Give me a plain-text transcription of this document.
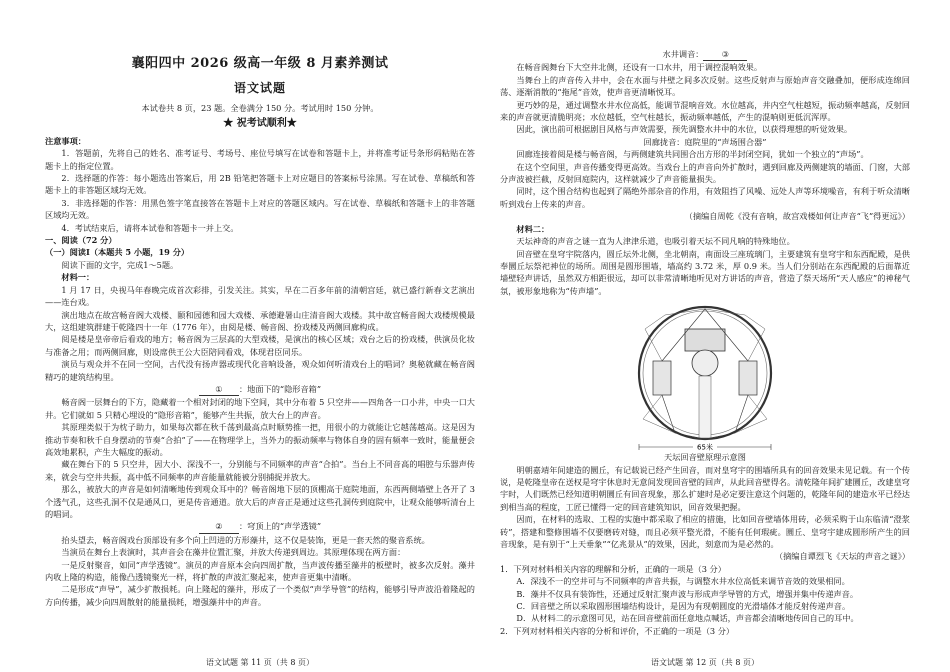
襄阳四中 2026 级高一年级 8 月素养测试
语文试题

本试卷共 8 页，23 题。全卷满分 150 分。考试用时 150 分钟。

★ 祝考试顺利★

注意事项：

1．答题前，先将自己的姓名、准考证号、考场号、座位号填写在试卷和答题卡上，并将准考证号条形码粘贴在答题卡上的指定位置。

2．选择题的作答：每小题选出答案后，用 2B 铅笔把答题卡上对应题目的答案标号涂黑。写在试卷、草稿纸和答题卡上的非答题区域均无效。

3．非选择题的作答：用黑色签字笔直接答在答题卡上对应的答题区域内。写在试卷、草稿纸和答题卡上的非答题区域均无效。

4．考试结束后，请将本试卷和答题卡一并上交。

一、阅读（72 分）

（一）阅读Ⅰ（本题共 5 小题，19 分）

阅读下面的文字，完成1～5题。

材料一：

1 月 17 日，央视马年春晚完成首次彩排，引发关注。其实，早在二百多年前的清朝宫廷，就已盛行新春文艺演出——连台戏。

演出地点在故宫畅音阁大戏楼、颐和园德和园大戏楼、承德避暑山庄清音阁大戏楼。其中故宫畅音阁大戏楼规模最大，这组建筑群建于乾隆四十一年（1776 年），由阅是楼、畅音阁、扮戏楼及两侧回廊构成。

阅是楼是皇帝帝后看戏的地方；畅音阁为三层高的大型戏楼，是演出的核心区域；戏台之后的扮戏楼，供演员化妆与准备之用；而两侧回廊，则设席供王公大臣陪同看戏，体现君臣同乐。

演员与观众并不在同一空间，古代没有扬声器或现代化音响设备，观众如何听清戏台上的唱词？奥秘就藏在畅音阁精巧的建筑结构里。

① ：地面下的“隐形音箱”

畅音阁一层舞台的下方，隐藏着一个相对封闭的地下空间，其中分布着 5 只空井——四角各一口小井，中央一口大井。它们就如 5 只精心埋设的“隐形音箱”，能够产生共振，放大台上的声音。

其原理类似于为枕子助力，如果每次都在秋千荡到最高点时顺势推一把，用很小的力就能让它越荡越高。这是因为推动节奏和秋千自身摆动的节奏“合拍”了——在物理学上，当外力的振动频率与物体自身的固有频率一致时，能量便会高效地累积，产生大幅度的振动。

藏在舞台下的 5 只空井，因大小、深浅不一，分别能与不同频率的声音“合拍”。当台上不同音高的唱腔与乐器声传来，就会与空井共振，高中低不同频率的声音能量就能被分别捕捉并放大。

那么，被放大的声音是如何清晰地传到观众耳中的？畅音阁地下层的顶棚高于庭院地面，东西两侧墙壁上各开了 3 个透气孔，这些孔洞不仅是通风口，更是传音通道。放大后的声音正是通过这些孔洞传到庭院中，让观众能够听清台上的唱词。

② ：穹顶上的“声学透镜”

抬头望去，畅音阁戏台顶部设有多个向上凹进的方形藻井，这不仅是装饰，更是一套天然的聚音系统。

当演员在舞台上表演时，其声音会在藻井位置汇聚，并放大传递到周边。其原理体现在两方面：

一是反射聚音，如同“声学透镜”。演员的声音原本会向四周扩散，当声波传播至藻井的板壁时，被多次反射。藻井内收上隆的构造，能像凸透镜聚光一样，将扩散的声波汇聚起来，使声音更集中清晰。

二是形成“声导”，减少扩散损耗。向上隆起的藻井，形成了一个类似“声学导管”的结构，能够引导声波沿着隆起的方向传播，减少向四周散射的能量损耗，增强藻井中的声音。

语文试题 第 11 页（共 8 页）

水井调音： ③

在畅音阁舞台下大空井北侧，还设有一口水井，用于调控混响效果。

当舞台上的声音传入井中，会在水面与井壁之间多次反射。这些反射声与原始声音交融叠加，便形成连绵回荡、逐渐消散的“拖尾”音效，使声音更清晰悦耳。

更巧妙的是，通过调整水井水位高低，能调节混响音效。水位越高，井内空气柱越短，振动频率越高，反射回来的声音就更清脆明亮；水位越低，空气柱越长，振动频率越低，产生的混响则更低沉浑厚。

因此，演出前可根据剧目风格与声效需要，预先调整水井中的水位，以获得理想的听觉效果。

回廊拢音：庭院里的“声场围合器”

回廊连接着阅是楼与畅音阁，与两侧建筑共同围合出方形的半封闭空间，犹如一个独立的“声场”。

在这个空间里，声音传播变得更高效。当戏台上的声音向外扩散时，遇到回廊及两侧建筑的墙面、门窗，大部分声波被拦截，反射回庭院内，这样就减少了声音能量损失。

同时，这个围合结构也起到了隔绝外部杂音的作用，有效阻挡了风噪、远处人声等环境噪音，有利于听众清晰听到戏台上传来的声音。

（摘编自周乾《没有音响，故宫戏楼如何让声音“飞”得更远》）

材料二：

天坛神奇的声音之谜一直为人津津乐道，也吸引着天坛不同凡响的特殊地位。

回音壁在皇穹宇院落内，圆丘坛外北侧，坐北朝南，南面设三座琉璃门，主要建筑有皇穹宇和东西配殿，是供奉圜丘坛祭祀神位的场所。周围是圆形围墙，墙高约 3.72 米，厚 0.9 米。当人们分别站在东西配殿的后面靠近墙壁轻声讲话，虽然双方相距很远，却可以非常清晰地听见对方讲话的声音，营造了祭天场所“天人感应”的神秘气氛，被形象地称为“传声墙”。

65米

天坛回音壁原理示意图

明朝嘉靖年间建造的圜丘，有记载说已经产生回音，而对皇穹宇的围墙所具有的回音效果未见记载。有一个传说，是乾隆皇帝在送权是穹宇休息时无意间发现回音壁的回声，从此回音壁得名。清乾隆年间扩建圜丘，改建皇穹宇时，人们既然已经知道明朝圜丘有回音现象，那么扩建时是必定要注意这个问题的，乾隆年间的建造水平已经达到相当高的程度，工匠已懂得一定的回音建筑知识，回音效果把握。

因而，在材料的选取、工程的实施中都采取了相应的措施，比如回音壁墙体用砖，必须采购于山东临清“澄浆砖”，搭建和整修围墙不仅要磨砖对缝，而且必须平整光滑，不能有任何瑕疵。圜丘、皇穹宇建成圆形所产生的回音现象，是有别于“上天垂象”“亿兆景从”的效果，因此，刻意而为是必然的。

（摘编自谭烈飞《天坛的声音之谜》）

1．下列对材料相关内容的理解和分析，正确的一项是（3 分）

A．深浅不一的空井可与不同频率的声音共振，与调整水井水位高低来调节音效的效果相同。

B．藻井不仅具有装饰性，还通过反射汇聚声波与形成声学导管的方式，增强并集中传递声音。

C．回音壁之所以采取圆形围墙结构设计，是因为有现朝圆度的光滑墙体才能反射传递声音。

D．从材料二的示意图可见，站在回音壁前面任意地点喊话，声音都会清晰地传回自己的耳中。

2．下列对材料相关内容的分析和评价，不正确的一项是（3 分）

语文试题 第 12 页（共 8 页）
